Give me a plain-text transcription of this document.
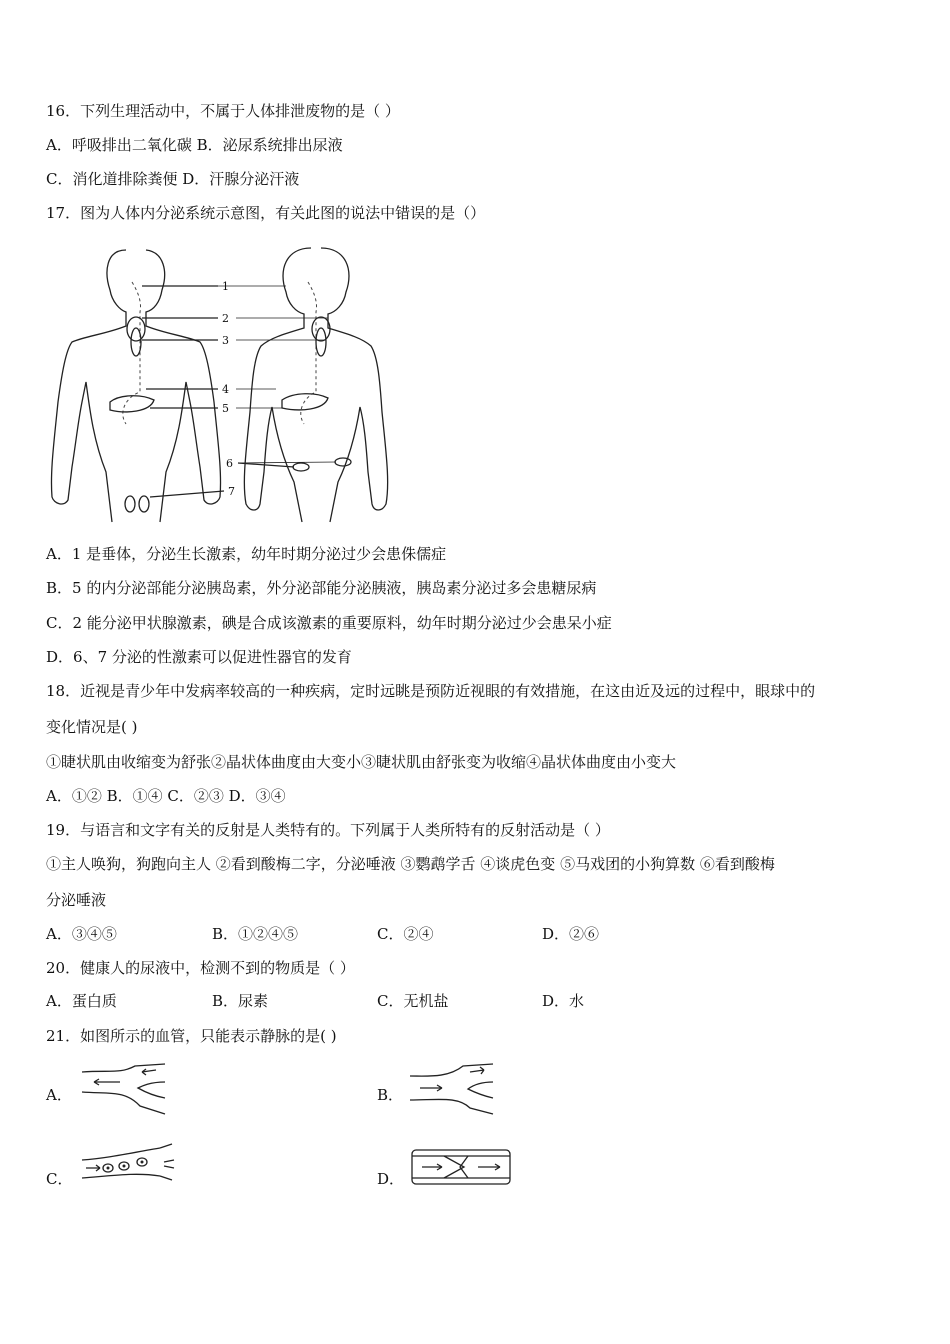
16．下列生理活动中，不属于人体排泄废物的是（ ）
A．呼吸排出二氧化碳 B．泌尿系统排出尿液
C．消化道排除粪便 D．汗腺分泌汗液
17．图为人体内分泌系统示意图，有关此图的说法中错误的是（）
1
2
3
4
5
6
7
A．1 是垂体，分泌生长激素，幼年时期分泌过少会患侏儒症
B．5 的内分泌部能分泌胰岛素，外分泌部能分泌胰液，胰岛素分泌过多会患糖尿病
C．2 能分泌甲状腺激素，碘是合成该激素的重要原料，幼年时期分泌过少会患呆小症
D．6、7 分泌的性激素可以促进性器官的发育
18．近视是青少年中发病率较高的一种疾病，定时远眺是预防近视眼的有效措施，在这由近及远的过程中，眼球中的
变化情况是( )
①睫状肌由收缩变为舒张②晶状体曲度由大变小③睫状肌由舒张变为收缩④晶状体曲度由小变大
A．①② B．①④ C．②③ D．③④
19．与语言和文字有关的反射是人类特有的。下列属于人类所特有的反射活动是（ ）
①主人唤狗，狗跑向主人 ②看到酸梅二字，分泌唾液 ③鹦鹉学舌 ④谈虎色变 ⑤马戏团的小狗算数 ⑥看到酸梅
分泌唾液
A．③④⑤	B．①②④⑤	C．②④	D．②⑥
20．健康人的尿液中，检测不到的物质是（ ）
A．蛋白质	B．尿素	C．无机盐	D．水
21．如图所示的血管，只能表示静脉的是( )
A．	B．
C．	D．
